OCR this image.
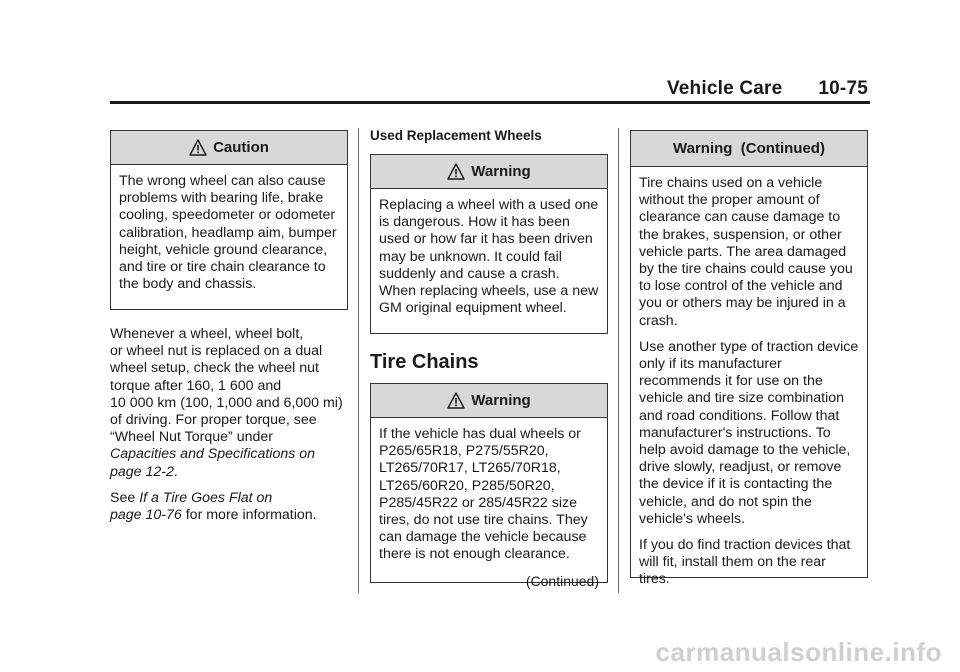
Vehicle Care 10-75
Caution

The wrong wheel can also cause problems with bearing life, brake cooling, speedometer or odometer calibration, headlamp aim, bumper height, vehicle ground clearance, and tire or tire chain clearance to the body and chassis.

Whenever a wheel, wheel bolt,
or wheel nut is replaced on a dual
wheel setup, check the wheel nut
torque after 160, 1 600 and
10 000 km (100, 1,000 and 6,000 mi)
of driving. For proper torque, see
“Wheel Nut Torque” under
Capacities and Specifications on
page 12-2.

See If a Tire Goes Flat on
page 10-76 for more information.

Used Replacement Wheels
Warning

Replacing a wheel with a used one is dangerous. How it has been used or how far it has been driven may be unknown. It could fail suddenly and cause a crash. When replacing wheels, use a new GM original equipment wheel.

Tire Chains
Warning

If the vehicle has dual wheels or P265/65R18, P275/55R20, LT265/70R17, LT265/70R18, LT265/60R20, P285/50R20, P285/45R22 or 285/45R22 size tires, do not use tire chains. They can damage the vehicle because there is not enough clearance.

(Continued)
Warning  (Continued)

Tire chains used on a vehicle without the proper amount of clearance can cause damage to the brakes, suspension, or other vehicle parts. The area damaged by the tire chains could cause you to lose control of the vehicle and you or others may be injured in a crash.

Use another type of traction device only if its manufacturer recommends it for use on the vehicle and tire size combination and road conditions. Follow that manufacturer's instructions. To help avoid damage to the vehicle, drive slowly, readjust, or remove the device if it is contacting the vehicle, and do not spin the vehicle's wheels.

If you do find traction devices that will fit, install them on the rear tires.

carmanualsonline.info
